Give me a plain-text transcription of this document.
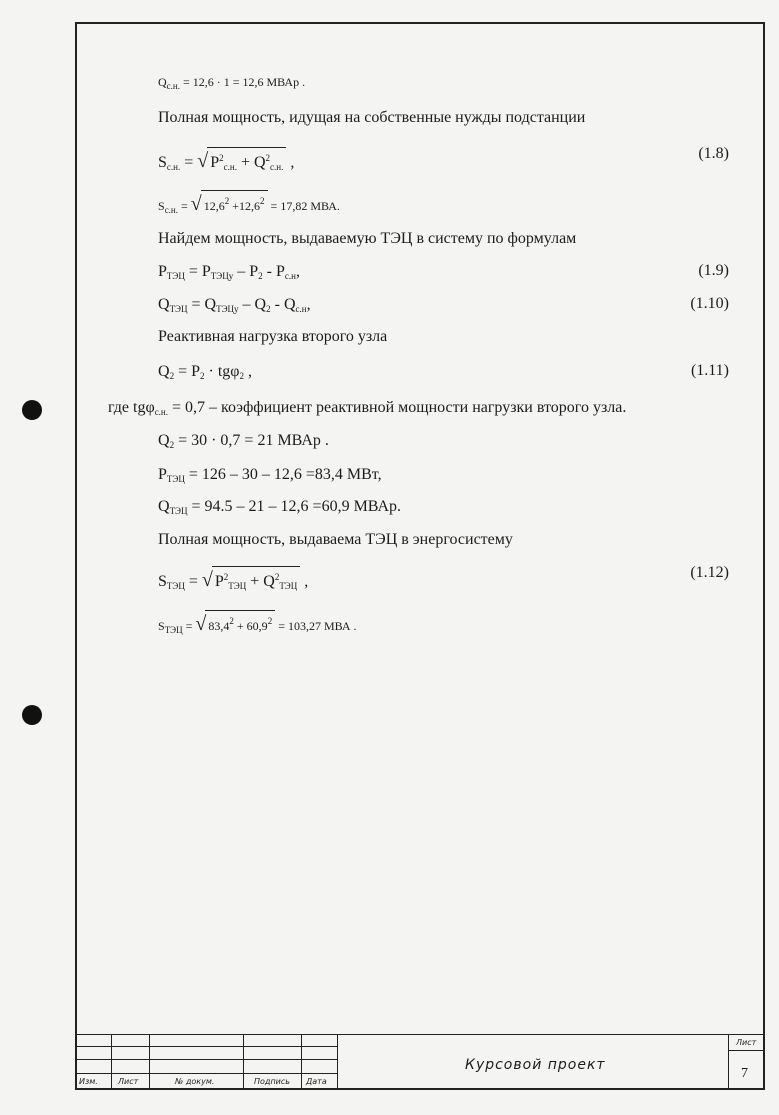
$Q_{с.н.} = 12,6 \cdot 1 = 12,6$ МВАр .
Полная мощность, идущая на собственные нужды подстанции
$S_{с.н.}$ = √ $P^2_{с.н.} + Q^2_{с.н.}$ ,
(1.8)
$S_{с.н.}$ = √ $12,6^2 +12,6^2 = 17,82$ МВА.
Найдем мощность, выдаваемую ТЭЦ в систему по формулам
$P_{ТЭЦ} = P_{ТЭЦу} - P_2 - P_{с.н}$,	(1.9)
$Q_{ТЭЦ} = Q_{ТЭЦу} - Q_2 - Q_{с.н}$,	(1.10)
Реактивная нагрузка второго узла
$Q_2 = P_2 \cdot tg\varphi_2$ ,	(1.11)
где tgφ$_{с.н.}$ = 0,7 – коэффициент реактивной мощности нагрузки второго узла.
$Q_2 = 30 \cdot 0,7 = 21$ МВАр .
$P_{ТЭЦ} = 126 - 30 - 12,6 =83,4$ МВт,
$Q_{ТЭЦ} = 94.5 - 21 - 12,6 =60,9$ МВАр.
Полная мощность, выдаваема ТЭЦ в энергосистему
$S_{ТЭЦ}$ = √ $P^2_{ТЭЦ} + Q^2_{ТЭЦ}$ ,
(1.12)
$S_{ТЭЦ}$ = √ $83,4^2 + 60,9^2 = 103,27$ МВА .
Изм.	Лист	№ докум.	Подпись Дата
Курсовой проект
Лист
7
